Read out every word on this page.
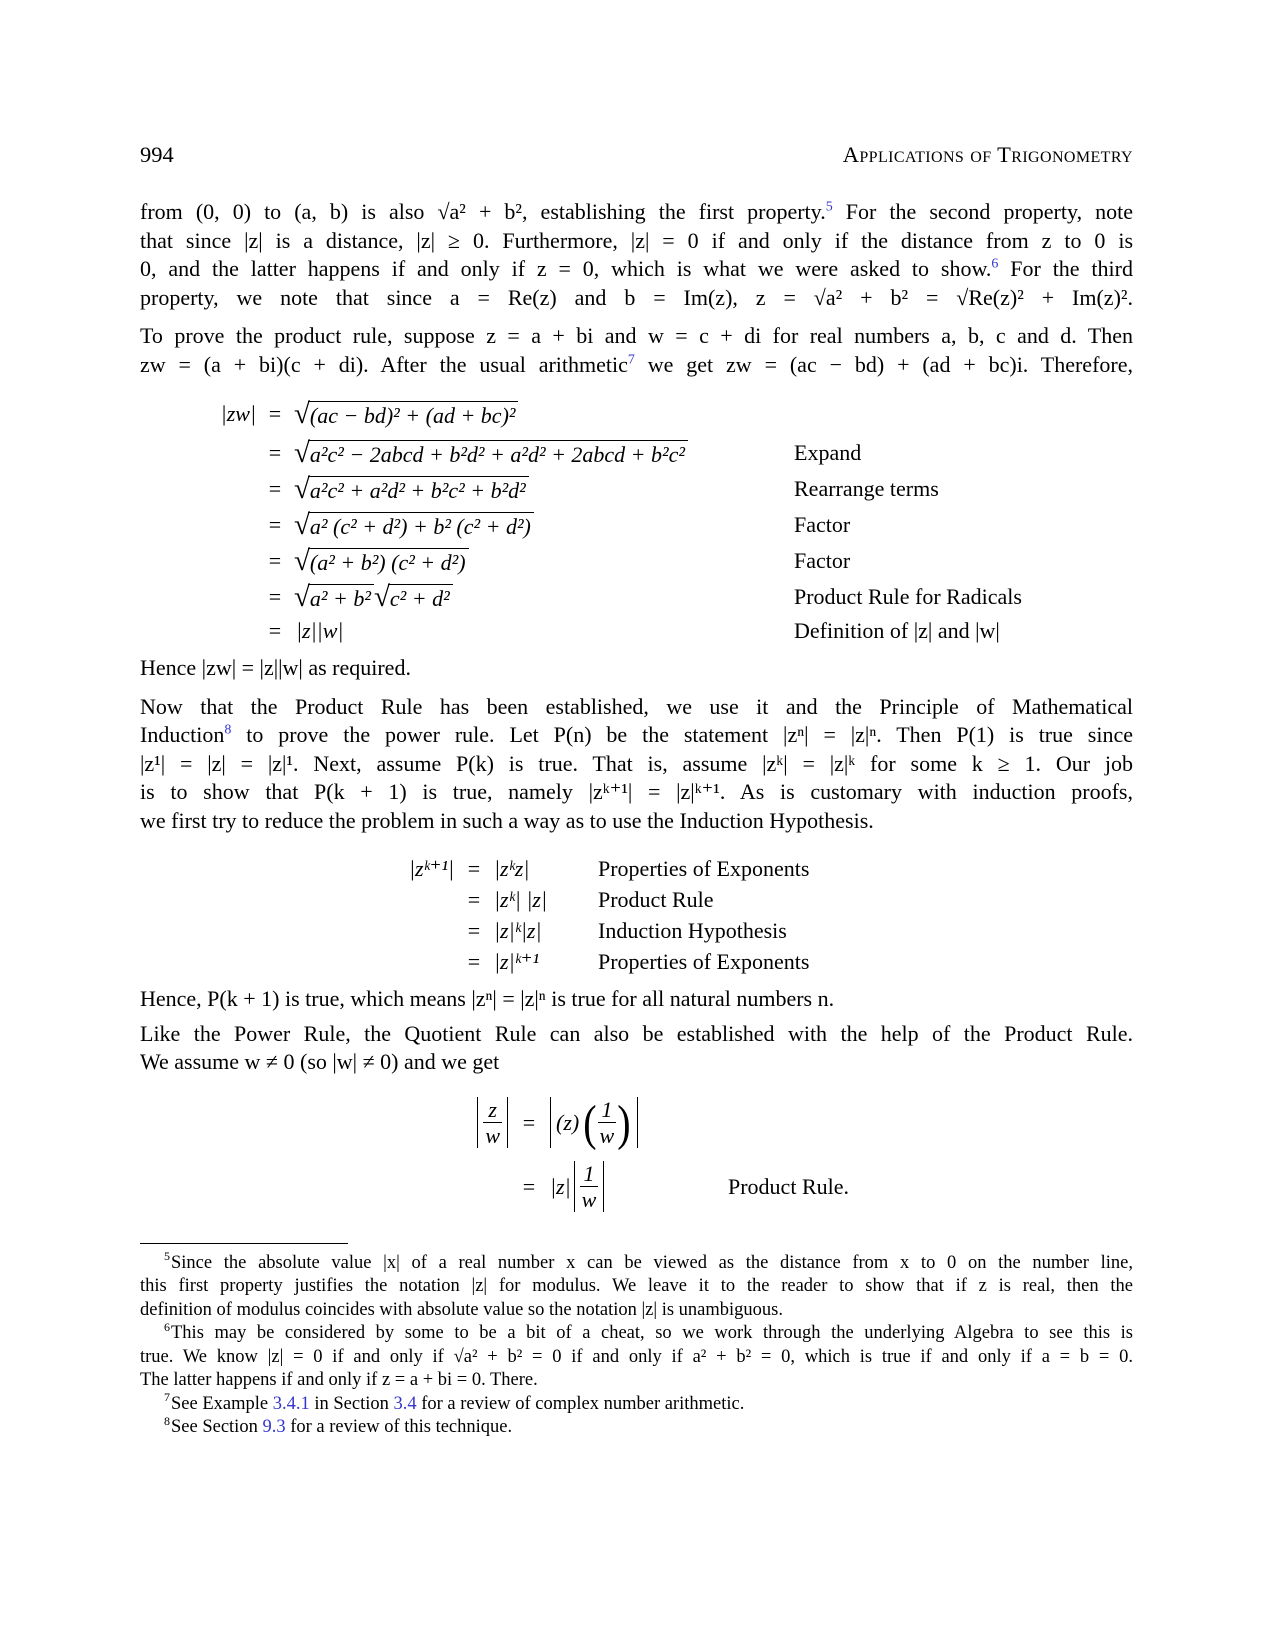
994	Applications of Trigonometry
from (0, 0) to (a, b) is also √a² + b², establishing the first property.$^5$ For the second property, note
that since |z| is a distance, |z| ≥ 0. Furthermore, |z| = 0 if and only if the distance from z to 0 is
0, and the latter happens if and only if z = 0, which is what we were asked to show.$^6$ For the third
property, we note that since a = Re(z) and b = Im(z), z = √a² + b² = √Re(z)² + Im(z)².
To prove the product rule, suppose z = a + bi and w = c + di for real numbers a, b, c and d. Then
zw = (a + bi)(c + di). After the usual arithmetic$^7$ we get zw = (ac − bd) + (ad + bc)i. Therefore,
|zw| = √ (ac − bd)² + (ad + bc)²
= √ a²c² − 2abcd + b²d² + a²d² + 2abcd + b²c²	Expand
= √ a²c² + a²d² + b²c² + b²d²	Rearrange terms
= √ a² (c² + d²) + b² (c² + d²)	Factor
= √ (a² + b²) (c² + d²)	Factor
= √ a² + b² √ c² + d²	Product Rule for Radicals
= |z||w|	Definition of |z| and |w|
Hence |zw| = |z||w| as required.
Now that the Product Rule has been established, we use it and the Principle of Mathematical
Induction$^8$ to prove the power rule. Let P(n) be the statement |zⁿ| = |z|ⁿ. Then P(1) is true since
|z¹| = |z| = |z|¹. Next, assume P(k) is true. That is, assume |zᵏ| = |z|ᵏ for some k ≥ 1. Our job
is to show that P(k + 1) is true, namely |zᵏ⁺¹| = |z|ᵏ⁺¹. As is customary with induction proofs,
we first try to reduce the problem in such a way as to use the Induction Hypothesis.
|zᵏ⁺¹| = |zᵏz|	Properties of Exponents
= |zᵏ| |z|	Product Rule
= |z|ᵏ|z|	Induction Hypothesis
= |z|ᵏ⁺¹	Properties of Exponents
Hence, P(k + 1) is true, which means |zⁿ| = |z|ⁿ is true for all natural numbers n.
Like the Power Rule, the Quotient Rule can also be established with the help of the Product Rule.
We assume w ≠ 0 (so |w| ≠ 0) and we get
$\frac{z}{w} = (z)$ ( $\frac{1}{w}$ )
= $|z| \frac{1}{w}$	Product Rule.
$^5$Since the absolute value |x| of a real number x can be viewed as the distance from x to 0 on the number line,
this first property justifies the notation |z| for modulus. We leave it to the reader to show that if z is real, then the
definition of modulus coincides with absolute value so the notation |z| is unambiguous.
$^6$This may be considered by some to be a bit of a cheat, so we work through the underlying Algebra to see this is
true. We know |z| = 0 if and only if √a² + b² = 0 if and only if a² + b² = 0, which is true if and only if a = b = 0.
The latter happens if and only if z = a + bi = 0. There.
$^7$See Example 3.4.1 in Section 3.4 for a review of complex number arithmetic.
$^8$See Section 9.3 for a review of this technique.
